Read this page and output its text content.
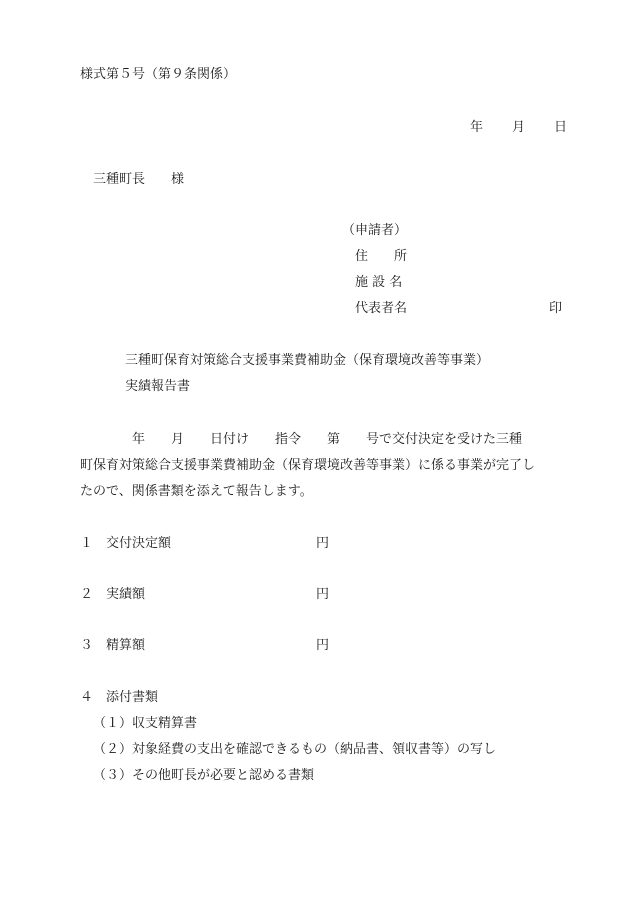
様式第５号（第９条関係）
年 月 日
三種町長　　様
（申請者）
住　　所
施 設 名
代表者名	印
三種町保育対策総合支援事業費補助金（保育環境改善等事業）
実績報告書
　　　　年　　月　　日付け　　指令　　第　　号で交付決定を受けた三種
町保育対策総合支援事業費補助金（保育環境改善等事業）に係る事業が完了し
たので、関係書類を添えて報告します。
１ 交付決定額	円
２ 実績額	円
３ 精算額	円
４ 添付書類
（１）収支精算書
（２）対象経費の支出を確認できるもの（納品書、領収書等）の写し
（３）その他町長が必要と認める書類
